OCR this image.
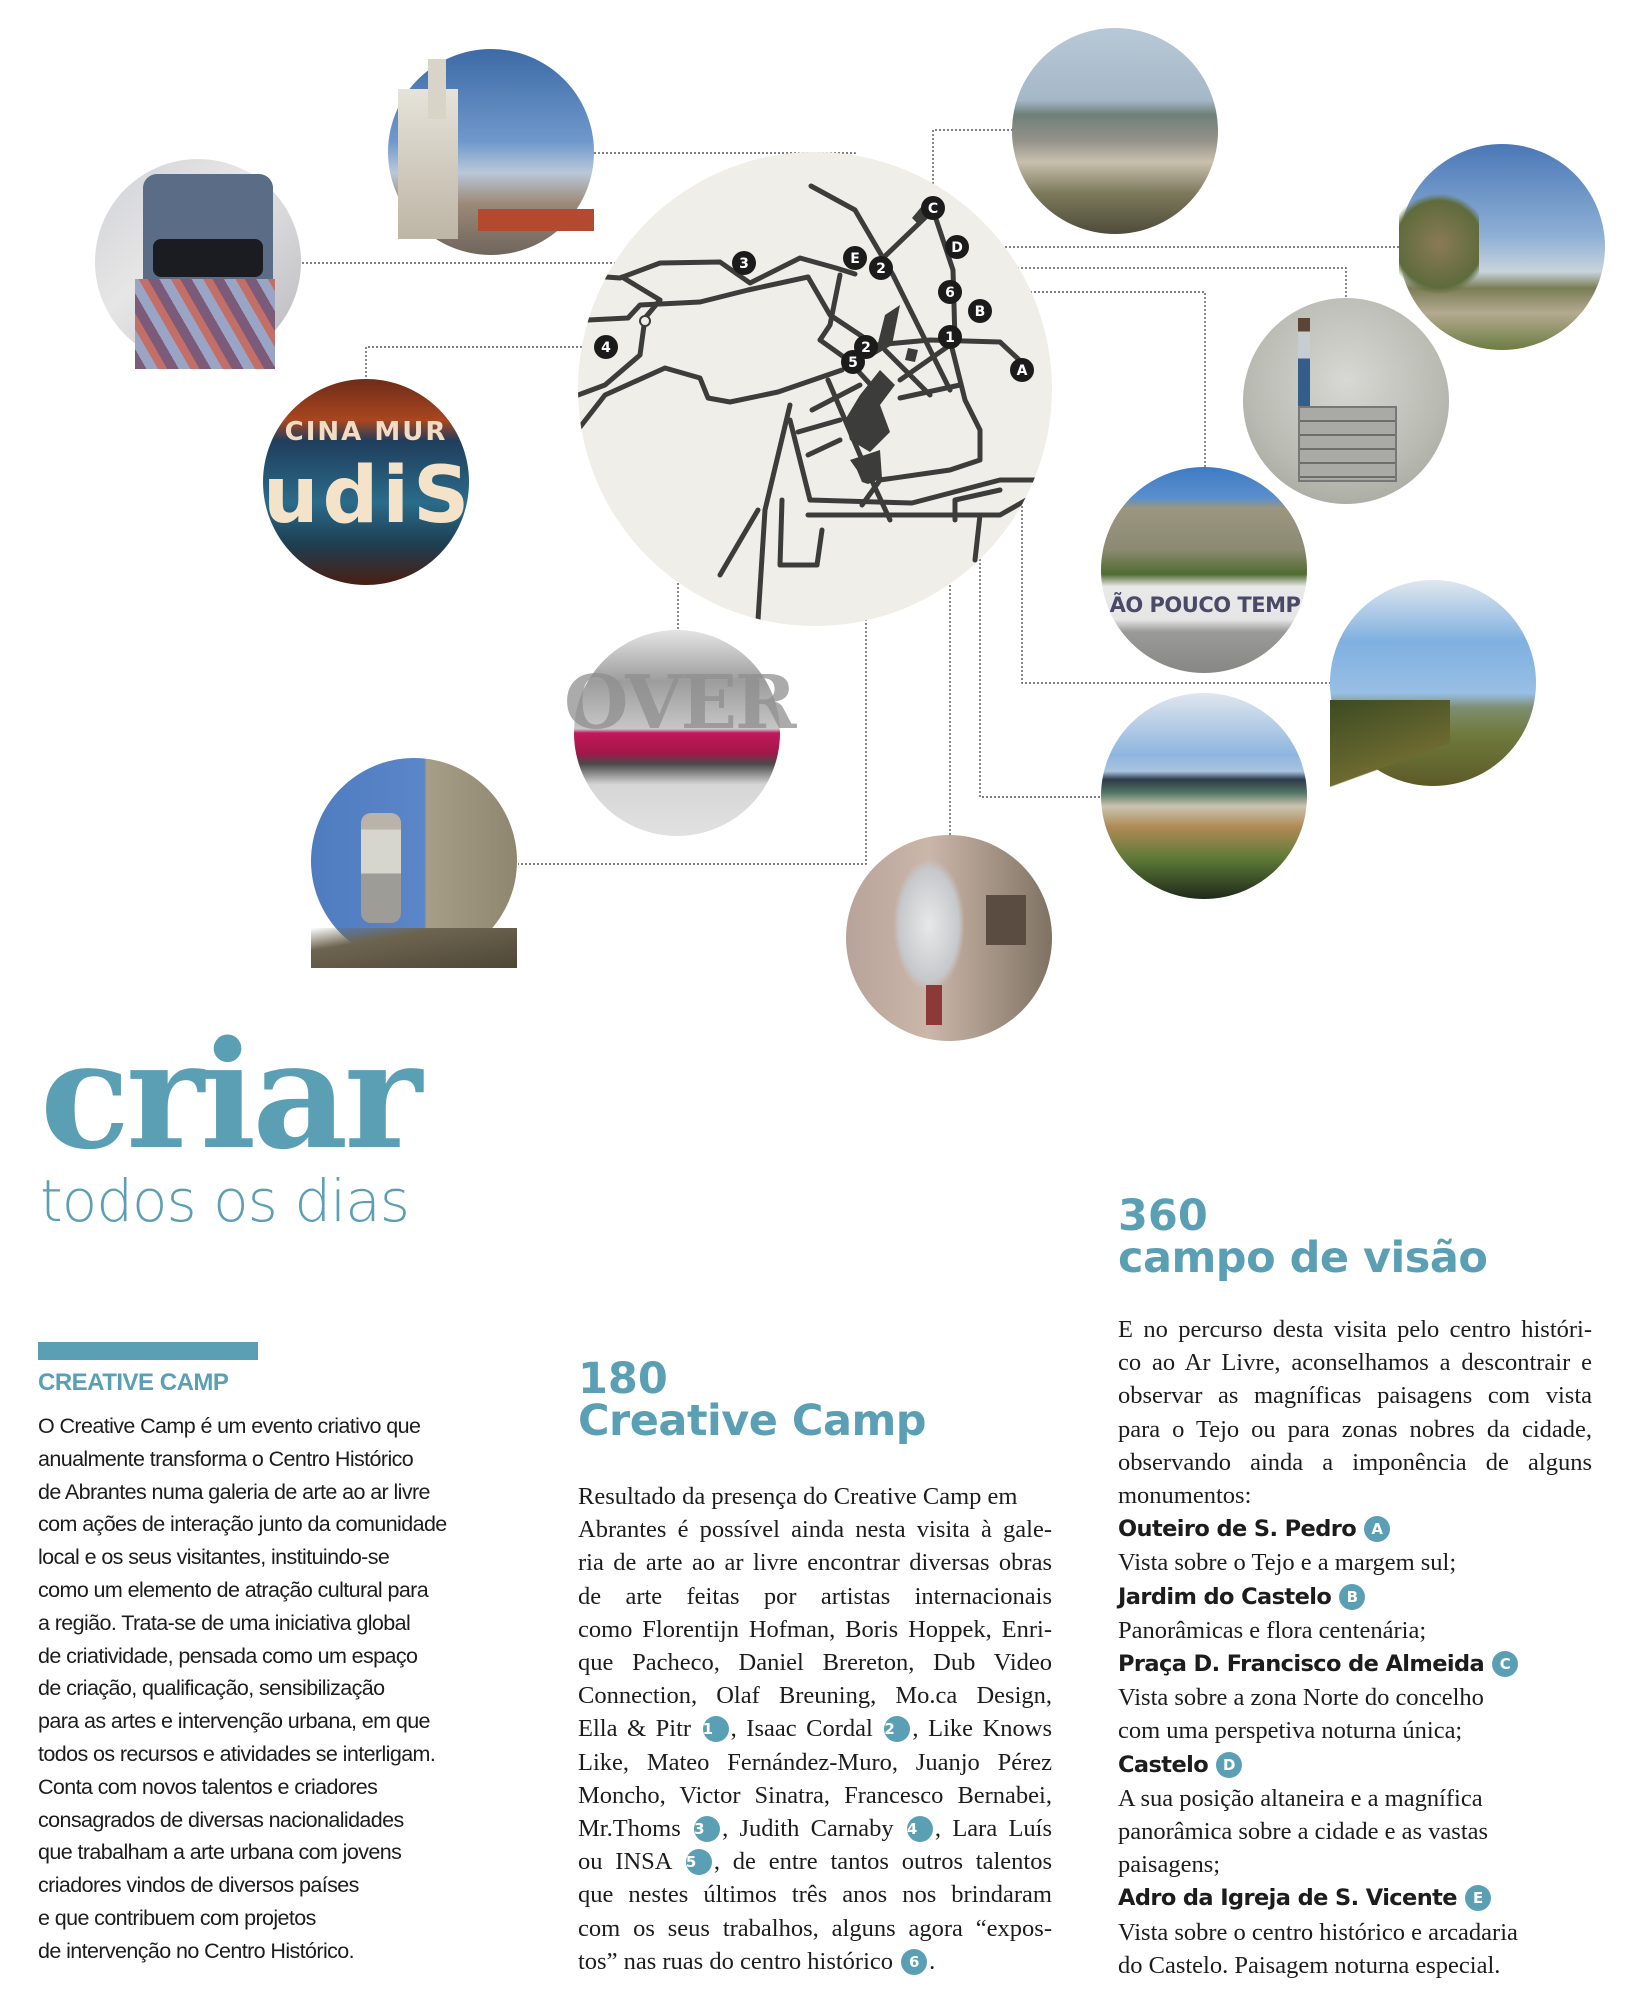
C
D
E
2
3
6
B
1
4	2
5	A
CINA MUR
udiS
ÃO POUCO TEMP
OVER
criar
todos os dias
CREATIVE CAMP
O Creative Camp é um evento criativo que
anualmente transforma o Centro Histórico
de Abrantes numa galeria de arte ao ar livre
com ações de interação junto da comunidade
local e os seus visitantes, instituindo-se
como um elemento de atração cultural para
a região. Trata-se de uma iniciativa global
de criatividade, pensada como um espaço
de criação, qualificação, sensibilização
para as artes e intervenção urbana, em que
todos os recursos e atividades se interligam.
Conta com novos talentos e criadores
consagrados de diversas nacionalidades
que trabalham a arte urbana com jovens
criadores vindos de diversos países
e que contribuem com projetos
de intervenção no Centro Histórico.
180
Creative Camp
Resultado da presença do Creative Camp em
Abrantes é possível ainda nesta visita à gale-
ria de arte ao ar livre encontrar diversas obras
de arte feitas por artistas internacionais
como Florentijn Hofman, Boris Hoppek, Enri-
que Pacheco, Daniel Brereton, Dub Video
Connection, Olaf Breuning, Mo.ca Design,
Ella & Pitr 1 , Isaac Cordal 2 , Like Knows
Like, Mateo Fernández-Muro, Juanjo Pérez
Moncho, Victor Sinatra, Francesco Bernabei,
Mr.Thoms 3 , Judith Carnaby 4 , Lara Luís
ou INSA 5 , de entre tantos outros talentos
que nestes últimos três anos nos brindaram
com os seus trabalhos, alguns agora “expos-
tos” nas ruas do centro histórico 6 .
360
campo de visão
E no percurso desta visita pelo centro históri-
co ao Ar Livre, aconselhamos a descontrair e
observar as magníficas paisagens com vista
para o Tejo ou para zonas nobres da cidade,
observando ainda a imponência de alguns
monumentos:
Outeiro de S. Pedro A
Vista sobre o Tejo e a margem sul;
Jardim do Castelo B
Panorâmicas e flora centenária;
Praça D. Francisco de Almeida C
Vista sobre a zona Norte do concelho
com uma perspetiva noturna única;
Castelo D
A sua posição altaneira e a magnífica
panorâmica sobre a cidade e as vastas
paisagens;
Adro da Igreja de S. Vicente E
Vista sobre o centro histórico e arcadaria
do Castelo. Paisagem noturna especial.
